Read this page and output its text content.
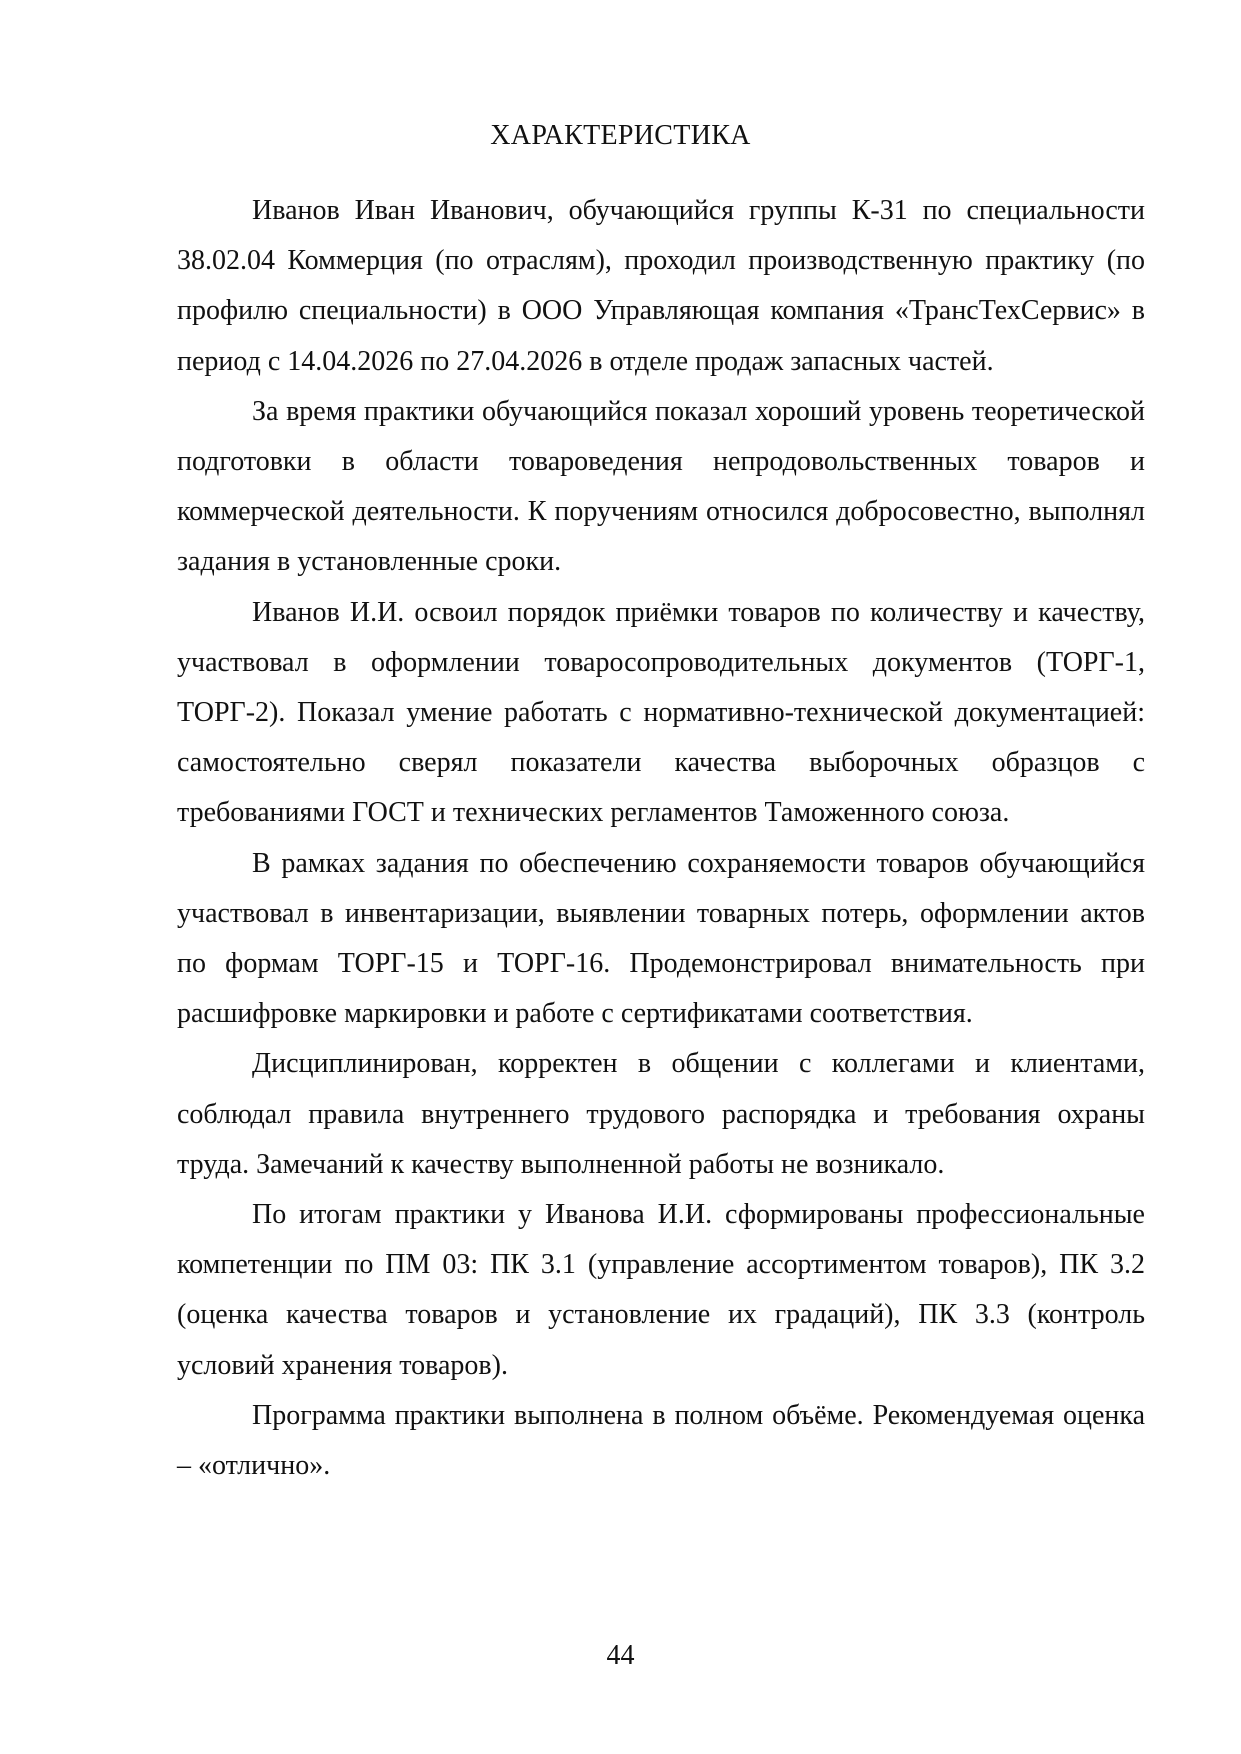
ХАРАКТЕРИСТИКА

Иванов Иван Иванович, обучающийся группы К-31 по специальности 38.02.04 Коммерция (по отраслям), проходил производственную практику (по профилю специальности) в ООО Управляющая компания «ТрансТехСервис» в период с 14.04.2026 по 27.04.2026 в отделе продаж запасных частей.

За время практики обучающийся показал хороший уровень теоретической подготовки в области товароведения непродовольственных товаров и коммерческой деятельности. К поручениям относился добросовестно, выполнял задания в установленные сроки.

Иванов И.И. освоил порядок приёмки товаров по количеству и качеству, участвовал в оформлении товаросопроводительных документов (ТОРГ-1, ТОРГ-2). Показал умение работать с нормативно-технической документацией: самостоятельно сверял показатели качества выборочных образцов с требованиями ГОСТ и технических регламентов Таможенного союза.

В рамках задания по обеспечению сохраняемости товаров обучающийся участвовал в инвентаризации, выявлении товарных потерь, оформлении актов по формам ТОРГ-15 и ТОРГ-16. Продемонстрировал внимательность при расшифровке маркировки и работе с сертификатами соответствия.

Дисциплинирован, корректен в общении с коллегами и клиентами, соблюдал правила внутреннего трудового распорядка и требования охраны труда. Замечаний к качеству выполненной работы не возникало.

По итогам практики у Иванова И.И. сформированы профессиональные компетенции по ПМ 03: ПК 3.1 (управление ассортиментом товаров), ПК 3.2 (оценка качества товаров и установление их градаций), ПК 3.3 (контроль условий хранения товаров).

Программа практики выполнена в полном объёме. Рекомендуемая оценка – «отлично».

44
